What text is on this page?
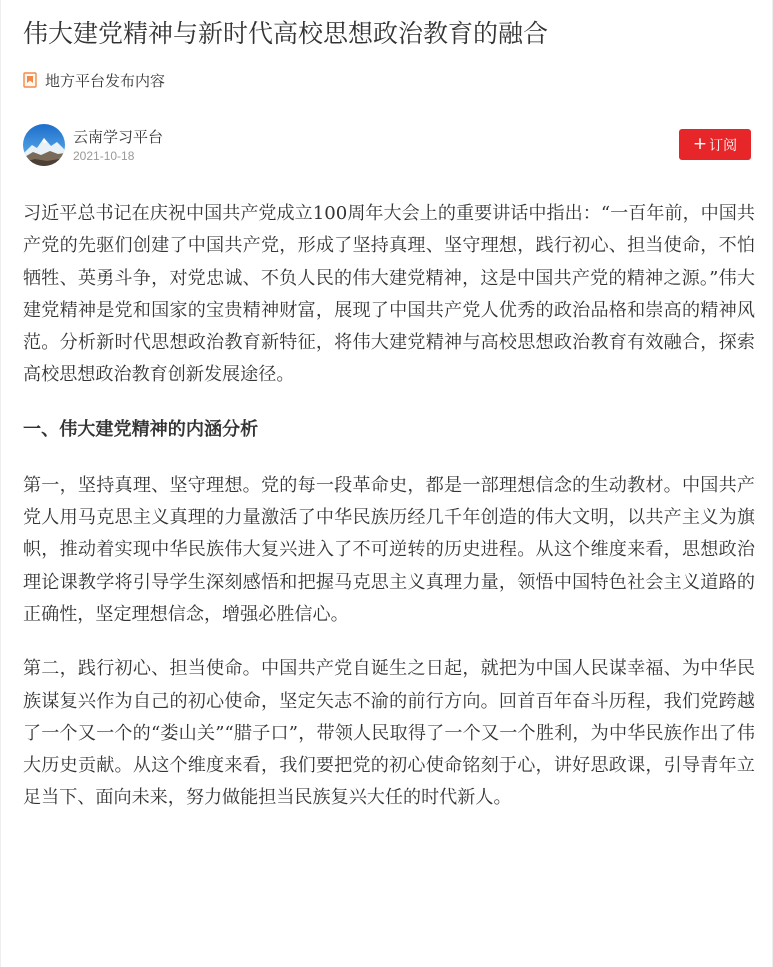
伟大建党精神与新时代高校思想政治教育的融合
地方平台发布内容
云南学习平台
2021-10-18
+ 订阅

习近平总书记在庆祝中国共产党成立100周年大会上的重要讲话中指出：“一百年前，中国共产党的先驱们创建了中国共产党，形成了坚持真理、坚守理想，践行初心、担当使命，不怕牺牲、英勇斗争，对党忠诚、不负人民的伟大建党精神，这是中国共产党的精神之源。”伟大建党精神是党和国家的宝贵精神财富，展现了中国共产党人优秀的政治品格和崇高的精神风范。分析新时代思想政治教育新特征，将伟大建党精神与高校思想政治教育有效融合，探索高校思想政治教育创新发展途径。

一、伟大建党精神的内涵分析

第一，坚持真理、坚守理想。党的每一段革命史，都是一部理想信念的生动教材。中国共产党人用马克思主义真理的力量激活了中华民族历经几千年创造的伟大文明，以共产主义为旗帜，推动着实现中华民族伟大复兴进入了不可逆转的历史进程。从这个维度来看，思想政治理论课教学将引导学生深刻感悟和把握马克思主义真理力量，领悟中国特色社会主义道路的正确性，坚定理想信念，增强必胜信心。

第二，践行初心、担当使命。中国共产党自诞生之日起，就把为中国人民谋幸福、为中华民族谋复兴作为自己的初心使命，坚定矢志不渝的前行方向。回首百年奋斗历程，我们党跨越了一个又一个的“娄山关”“腊子口”，带领人民取得了一个又一个胜利，为中华民族作出了伟大历史贡献。从这个维度来看，我们要把党的初心使命铭刻于心，讲好思政课，引导青年立足当下、面向未来，努力做能担当民族复兴大任的时代新人。
